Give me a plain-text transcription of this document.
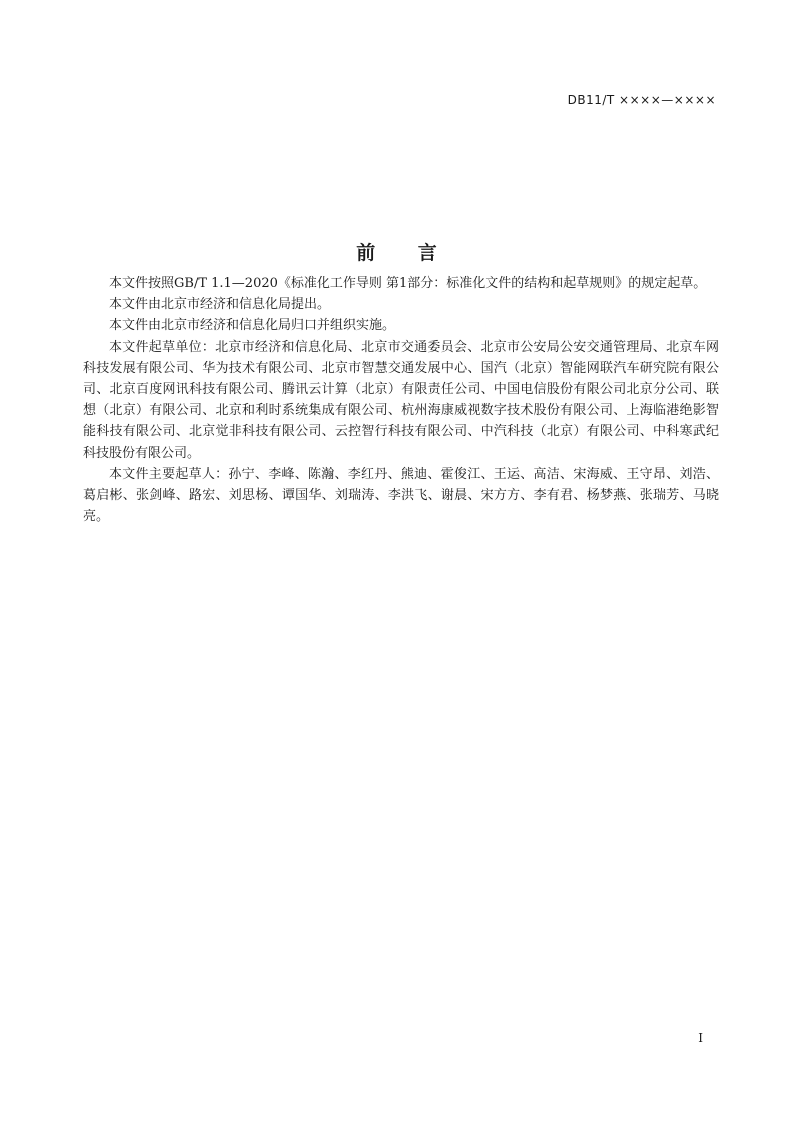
DB11/T ××××—××××
前 言

本文件按照GB/T 1.1—2020《标准化工作导则 第1部分：标准化文件的结构和起草规则》的规定起草。

本文件由北京市经济和信息化局提出。

本文件由北京市经济和信息化局归口并组织实施。

本文件起草单位：北京市经济和信息化局、北京市交通委员会、北京市公安局公安交通管理局、北京车网科技发展有限公司、华为技术有限公司、北京市智慧交通发展中心、国汽（北京）智能网联汽车研究院有限公司、北京百度网讯科技有限公司、腾讯云计算（北京）有限责任公司、中国电信股份有限公司北京分公司、联想（北京）有限公司、北京和利时系统集成有限公司、杭州海康威视数字技术股份有限公司、上海临港绝影智能科技有限公司、北京觉非科技有限公司、云控智行科技有限公司、中汽科技（北京）有限公司、中科寒武纪科技股份有限公司。

本文件主要起草人：孙宁、李峰、陈瀚、李红丹、熊迪、霍俊江、王运、高洁、宋海威、王守昂、刘浩、葛启彬、张剑峰、路宏、刘思杨、谭国华、刘瑞涛、李洪飞、谢晨、宋方方、李有君、杨梦燕、张瑞芳、马晓亮。

I
